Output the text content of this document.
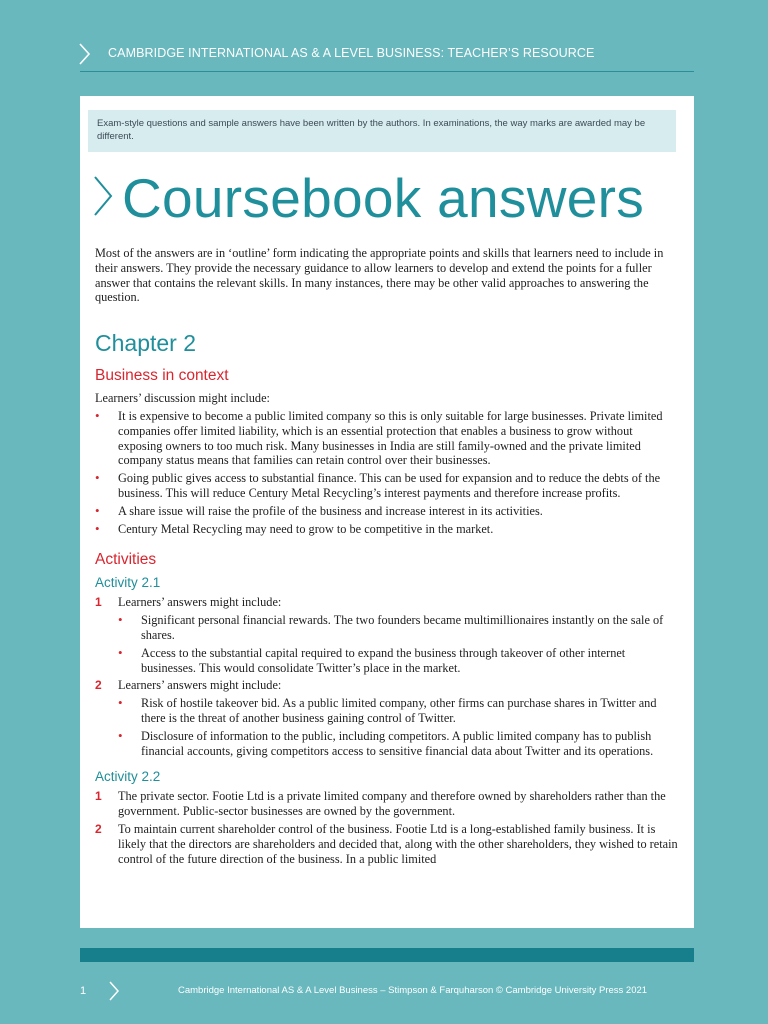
CAMBRIDGE INTERNATIONAL AS & A LEVEL BUSINESS: TEACHER’S RESOURCE
Exam-style questions and sample answers have been written by the authors. In examinations, the way marks are awarded may be different.
Coursebook answers

Most of the answers are in ‘outline’ form indicating the appropriate points and skills that learners need to include in their answers. They provide the necessary guidance to allow learners to develop and extend the points for a fuller answer that contains the relevant skills. In many instances, there may be other valid approaches to answering the question.

Chapter 2
Business in context

Learners’ discussion might include:

• It is expensive to become a public limited company so this is only suitable for large businesses. Private limited companies offer limited liability, which is an essential protection that enables a business to grow without exposing owners to too much risk. Many businesses in India are still family-owned and the private limited company status means that families can retain control over their businesses.
• Going public gives access to substantial finance. This can be used for expansion and to reduce the debts of the business. This will reduce Century Metal Recycling’s interest payments and therefore increase profits.
• A share issue will raise the profile of the business and increase interest in its activities.
• Century Metal Recycling may need to grow to be competitive in the market.
Activities
Activity 2.1
1 Learners’ answers might include:
• Significant personal financial rewards. The two founders became multimillionaires instantly on the sale of shares.
• Access to the substantial capital required to expand the business through takeover of other internet businesses. This would consolidate Twitter’s place in the market.
2 Learners’ answers might include:
• Risk of hostile takeover bid. As a public limited company, other firms can purchase shares in Twitter and there is the threat of another business gaining control of Twitter.
• Disclosure of information to the public, including competitors. A public limited company has to publish financial accounts, giving competitors access to sensitive financial data about Twitter and its operations.
Activity 2.2
1 The private sector. Footie Ltd is a private limited company and therefore owned by shareholders rather than the government. Public-sector businesses are owned by the government.
2 To maintain current shareholder control of the business. Footie Ltd is a long-established family business. It is likely that the directors are shareholders and decided that, along with the other shareholders, they wished to retain control of the future direction of the business. In a public limited
1	Cambridge International AS & A Level Business – Stimpson & Farquharson © Cambridge University Press 2021
